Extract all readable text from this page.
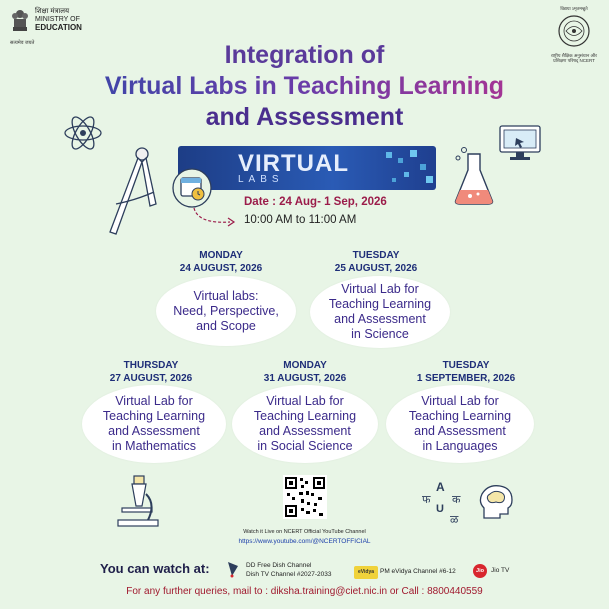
शिक्षा मंत्रालय
MINISTRY OF
EDUCATION
सत्यमेव जयते
विद्यया ऽमृतमश्नुते
राष्ट्रीय शैक्षिक अनुसंधान और प्रशिक्षण परिषद् NCERT
Integration of
Virtual Labs in Teaching Learning
and Assessment
VIRTUAL
LABS
Date : 24 Aug- 1 Sep, 2026
10:00 AM to 11:00 AM
MONDAY
24 AUGUST, 2026
Virtual labs:
Need, Perspective,
and Scope
TUESDAY
25 AUGUST, 2026
Virtual Lab for
Teaching Learning
and Assessment
in Science
THURSDAY
27 AUGUST, 2026
Virtual Lab for
Teaching Learning
and Assessment
in Mathematics
MONDAY
31 AUGUST, 2026
Virtual Lab for
Teaching Learning
and Assessment
in Social Science
TUESDAY
1 SEPTEMBER, 2026
Virtual Lab for
Teaching Learning
and Assessment
in Languages
A
फ क
U
ळ
Watch it Live on NCERT Official YouTube Channel
https://www.youtube.com/@NCERTOFFICIAL
You can watch at:	DD Free Dish Channel
Dish TV Channel #2027-2033	eVidya PM eVidya Channel #6-12	Jio Jio TV
For any further queries, mail to : diksha.training@ciet.nic.in or Call : 8800440559
